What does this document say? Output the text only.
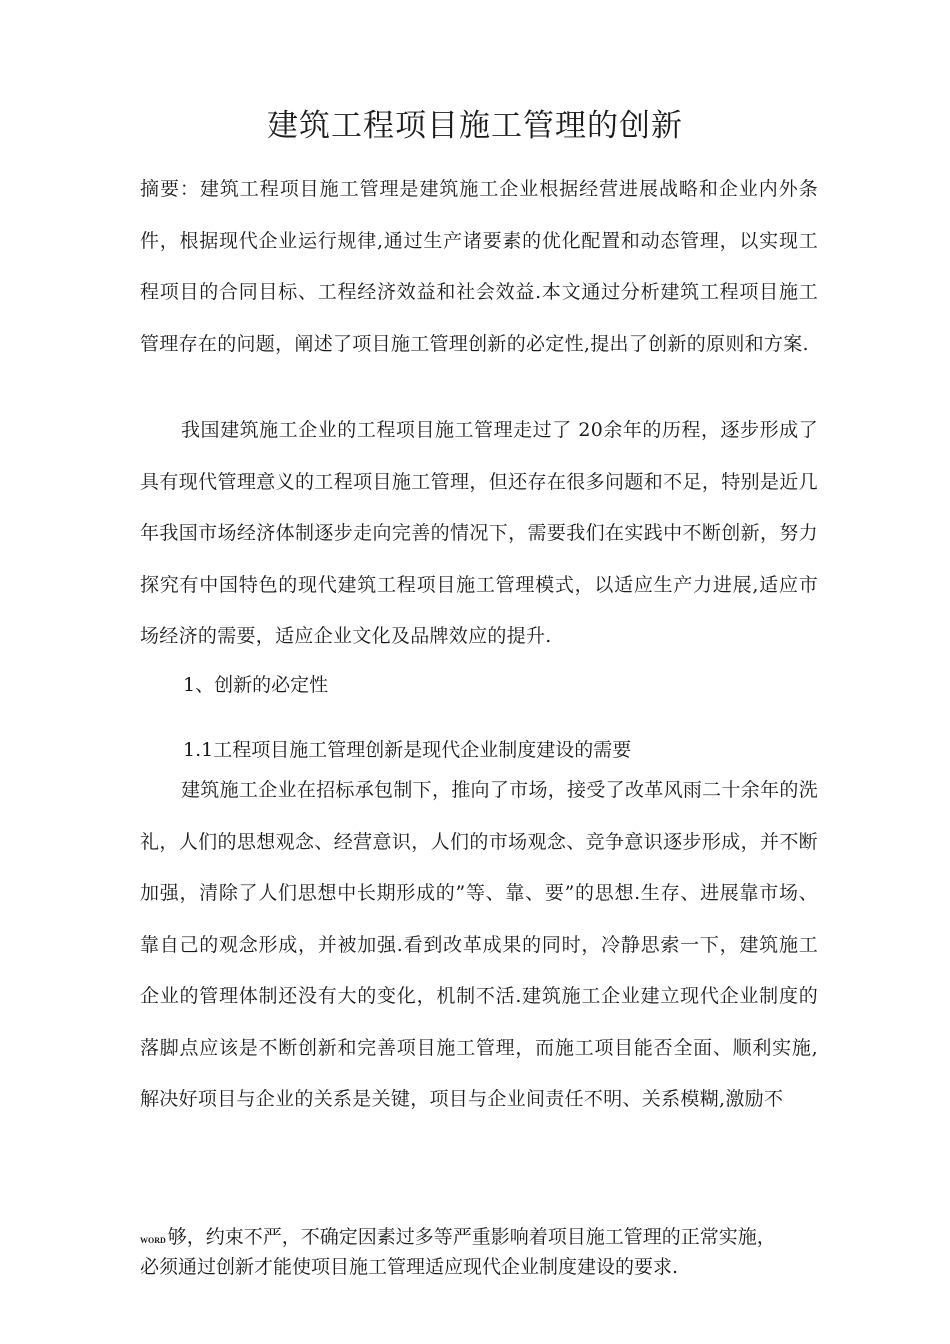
建筑工程项目施工管理的创新
摘要：建筑工程项目施工管理是建筑施工企业根据经营进展战略和企业内外条件，根据现代企业运行规律,通过生产诸要素的优化配置和动态管理，以实现工程项目的合同目标、工程经济效益和社会效益.本文通过分析建筑工程项目施工管理存在的问题，阐述了项目施工管理创新的必定性,提出了创新的原则和方案.
我国建筑施工企业的工程项目施工管理走过了 20余年的历程，逐步形成了具有现代管理意义的工程项目施工管理，但还存在很多问题和不足，特别是近几年我国市场经济体制逐步走向完善的情况下，需要我们在实践中不断创新，努力探究有中国特色的现代建筑工程项目施工管理模式，以适应生产力进展,适应市场经济的需要，适应企业文化及品牌效应的提升.
1、创新的必定性
1.1工程项目施工管理创新是现代企业制度建设的需要
建筑施工企业在招标承包制下，推向了市场，接受了改革风雨二十余年的洗礼，人们的思想观念、经营意识，人们的市场观念、竞争意识逐步形成，并不断加强，清除了人们思想中长期形成的”等、靠、要”的思想.生存、进展靠市场、靠自己的观念形成，并被加强.看到改革成果的同时，冷静思索一下，建筑施工企业的管理体制还没有大的变化，机制不活.建筑施工企业建立现代企业制度的落脚点应该是不断创新和完善项目施工管理，而施工项目能否全面、顺利实施,解决好项目与企业的关系是关键，项目与企业间责任不明、关系模糊,激励不
WORD 够，约束不严，不确定因素过多等严重影响着项目施工管理的正常实施，
必须通过创新才能使项目施工管理适应现代企业制度建设的要求.
